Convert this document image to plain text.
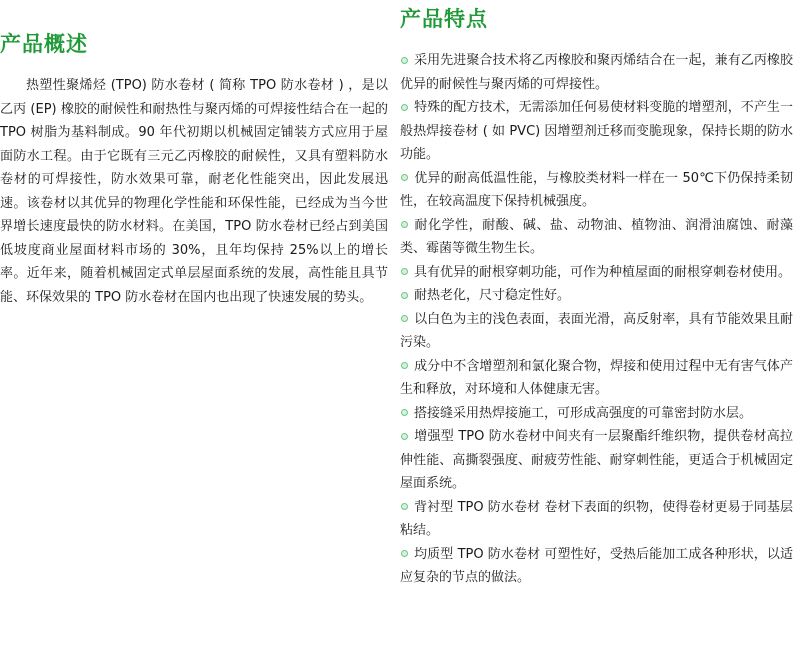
产品概述

热塑性聚烯烃 (TPO) 防水卷材 ( 简称 TPO 防水卷材 ) ，是以乙丙 (EP) 橡胶的耐候性和耐热性与聚丙烯的可焊接性结合在一起的 TPO 树脂为基料制成。90 年代初期以机械固定铺装方式应用于屋面防水工程。由于它既有三元乙丙橡胶的耐候性，又具有塑料防水卷材的可焊接性，防水效果可靠，耐老化性能突出，因此发展迅速。该卷材以其优异的物理化学性能和环保性能，已经成为当今世界增长速度最快的防水材料。在美国，TPO 防水卷材已经占到美国低坡度商业屋面材料市场的 30%，且年均保持 25%以上的增长率。近年来，随着机械固定式单层屋面系统的发展，高性能且具节能、环保效果的 TPO 防水卷材在国内也出现了快速发展的势头。

产品特点
采用先进聚合技术将乙丙橡胶和聚丙烯结合在一起，兼有乙丙橡胶优异的耐候性与聚丙烯的可焊接性。
特殊的配方技术，无需添加任何易使材料变脆的增塑剂，不产生一般热焊接卷材 ( 如 PVC) 因增塑剂迁移而变脆现象，保持长期的防水功能。
优异的耐高低温性能，与橡胶类材料一样在一 50℃下仍保持柔韧性，在较高温度下保持机械强度。
耐化学性，耐酸、碱、盐、动物油、植物油、润滑油腐蚀、耐藻类、霉菌等微生物生长。
具有优异的耐根穿刺功能，可作为种植屋面的耐根穿刺卷材使用。
耐热老化，尺寸稳定性好。
以白色为主的浅色表面，表面光滑，高反射率，具有节能效果且耐污染。
成分中不含增塑剂和氯化聚合物，焊接和使用过程中无有害气体产生和释放，对环境和人体健康无害。
搭接缝采用热焊接施工，可形成高强度的可靠密封防水层。
增强型 TPO 防水卷材中间夹有一层聚酯纤维织物，提供卷材高拉伸性能、高撕裂强度、耐疲劳性能、耐穿刺性能，更适合于机械固定屋面系统。
背衬型 TPO 防水卷材 卷材下表面的织物，使得卷材更易于同基层粘结。
均质型 TPO 防水卷材 可塑性好，受热后能加工成各种形状，以适应复杂的节点的做法。
